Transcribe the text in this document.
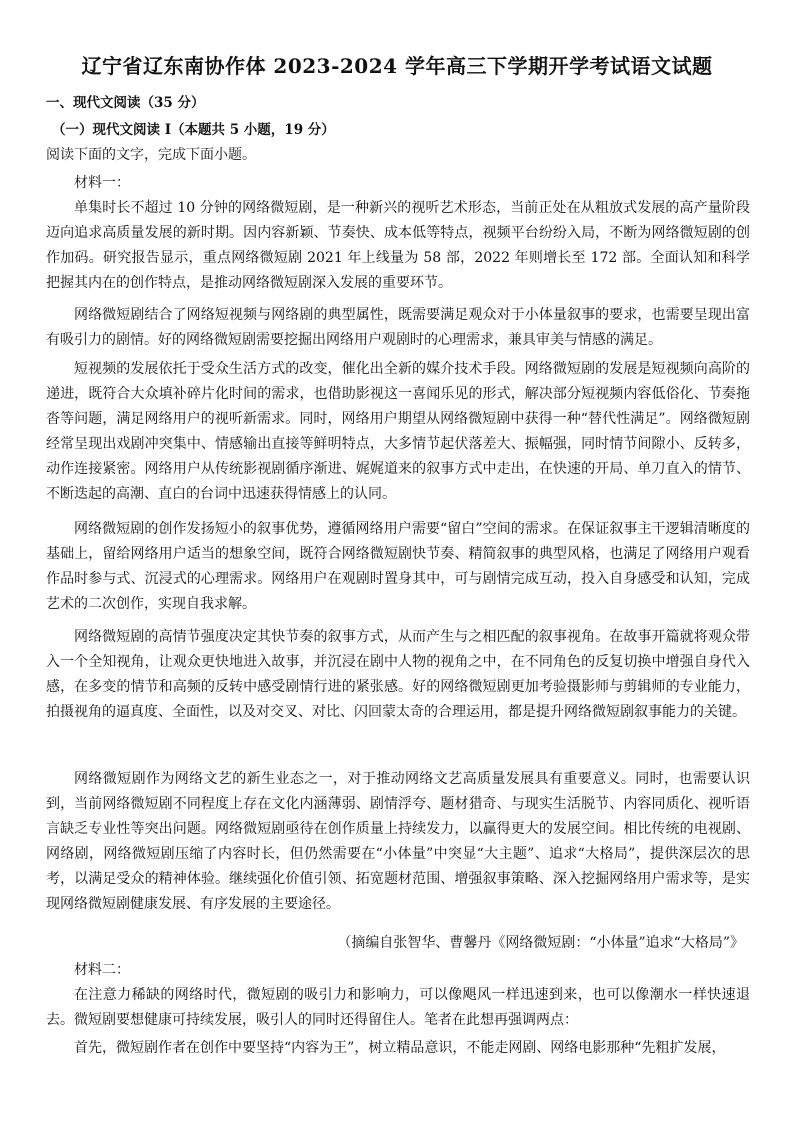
辽宁省辽东南协作体 2023-2024 学年高三下学期开学考试语文试题
一、现代文阅读（35 分）
（一）现代文阅读 I（本题共 5 小题，19 分）
阅读下面的文字，完成下面小题。
材料一：
单集时长不超过 10 分钟的网络微短剧，是一种新兴的视听艺术形态，当前正处在从粗放式发展的高产量阶段迈向追求高质量发展的新时期。因内容新颖、节奏快、成本低等特点，视频平台纷纷入局，不断为网络微短剧的创作加码。研究报告显示，重点网络微短剧 2021 年上线量为 58 部，2022 年则增长至 172 部。全面认知和科学把握其内在的创作特点，是推动网络微短剧深入发展的重要环节。
网络微短剧结合了网络短视频与网络剧的典型属性，既需要满足观众对于小体量叙事的要求，也需要呈现出富有吸引力的剧情。好的网络微短剧需要挖掘出网络用户观剧时的心理需求，兼具审美与情感的满足。
短视频的发展依托于受众生活方式的改变，催化出全新的媒介技术手段。网络微短剧的发展是短视频向高阶的递进，既符合大众填补碎片化时间的需求，也借助影视这一喜闻乐见的形式，解决部分短视频内容低俗化、节奏拖沓等问题，满足网络用户的视听新需求。同时，网络用户期望从网络微短剧中获得一种“替代性满足”。网络微短剧经常呈现出戏剧冲突集中、情感输出直接等鲜明特点，大多情节起伏落差大、振幅强，同时情节间隙小、反转多，动作连接紧密。网络用户从传统影视剧循序渐进、娓娓道来的叙事方式中走出，在快速的开局、单刀直入的情节、不断迭起的高潮、直白的台词中迅速获得情感上的认同。
网络微短剧的创作发扬短小的叙事优势，遵循网络用户需要“留白”空间的需求。在保证叙事主干逻辑清晰度的基础上，留给网络用户适当的想象空间，既符合网络微短剧快节奏、精简叙事的典型风格，也满足了网络用户观看作品时参与式、沉浸式的心理需求。网络用户在观剧时置身其中，可与剧情完成互动，投入自身感受和认知，完成艺术的二次创作，实现自我求解。
网络微短剧的高情节强度决定其快节奏的叙事方式，从而产生与之相匹配的叙事视角。在故事开篇就将观众带入一个全知视角，让观众更快地进入故事，并沉浸在剧中人物的视角之中，在不同角色的反复切换中增强自身代入感，在多变的情节和高频的反转中感受剧情行进的紧张感。好的网络微短剧更加考验摄影师与剪辑师的专业能力，拍摄视角的逼真度、全面性，以及对交叉、对比、闪回蒙太奇的合理运用，都是提升网络微短剧叙事能力的关键。
网络微短剧作为网络文艺的新生业态之一，对于推动网络文艺高质量发展具有重要意义。同时，也需要认识到，当前网络微短剧不同程度上存在文化内涵薄弱、剧情浮夸、题材猎奇、与现实生活脱节、内容同质化、视听语言缺乏专业性等突出问题。网络微短剧亟待在创作质量上持续发力，以赢得更大的发展空间。相比传统的电视剧、网络剧，网络微短剧压缩了内容时长，但仍然需要在“小体量”中突显“大主题”、追求“大格局”，提供深层次的思考，以满足受众的精神体验。继续强化价值引领、拓宽题材范围、增强叙事策略、深入挖掘网络用户需求等，是实现网络微短剧健康发展、有序发展的主要途径。
（摘编自张智华、曹馨丹《网络微短剧：“小体量”追求“大格局”》
材料二：
在注意力稀缺的网络时代，微短剧的吸引力和影响力，可以像飓风一样迅速到来，也可以像潮水一样快速退去。微短剧要想健康可持续发展，吸引人的同时还得留住人。笔者在此想再强调两点：
首先，微短剧作者在创作中要坚持“内容为王”，树立精品意识，不能走网剧、网络电影那种“先粗扩发展，
